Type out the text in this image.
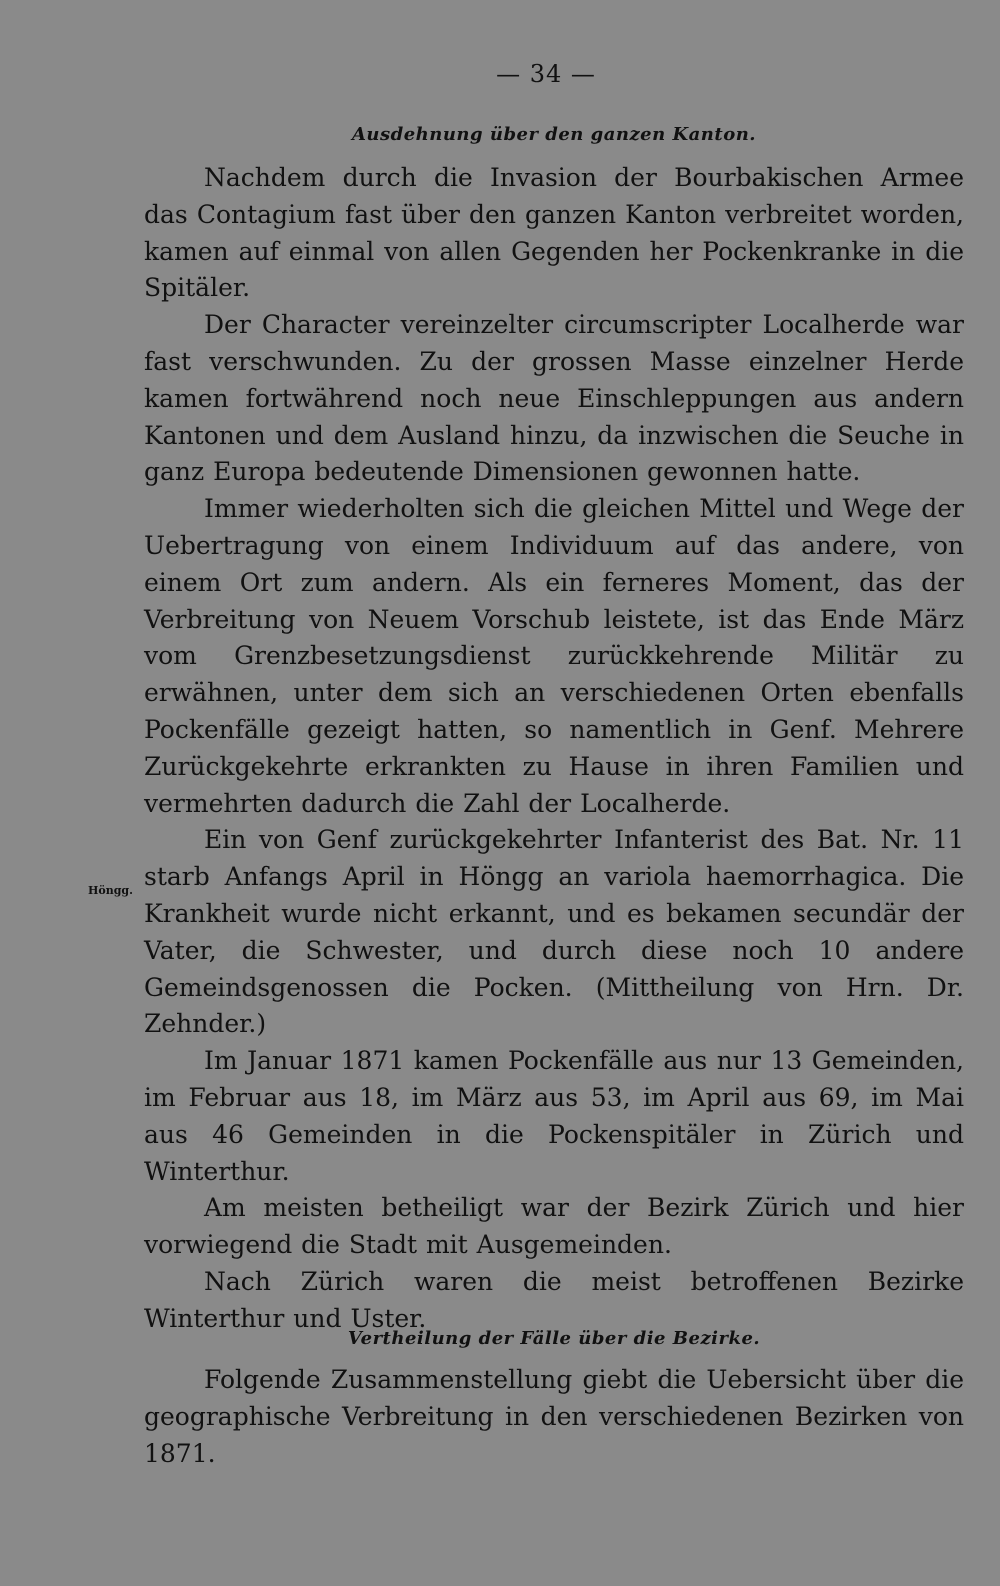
— 34 —

Ausdehnung über den ganzen Kanton.

Nachdem durch die Invasion der Bourbakischen Armee das Contagium fast über den ganzen Kanton verbreitet worden, kamen auf einmal von allen Gegenden her Pockenkranke in die Spitäler.

Der Character vereinzelter circumscripter Localherde war fast verschwunden. Zu der grossen Masse einzelner Herde kamen fortwährend noch neue Einschleppungen aus andern Kantonen und dem Ausland hinzu, da inzwischen die Seuche in ganz Europa bedeutende Dimensionen gewonnen hatte.

Immer wiederholten sich die gleichen Mittel und Wege der Uebertragung von einem Individuum auf das andere, von einem Ort zum andern. Als ein ferneres Moment, das der Verbreitung von Neuem Vorschub leistete, ist das Ende März vom Grenzbesetzungsdienst zurückkehrende Militär zu erwähnen, unter dem sich an verschiedenen Orten ebenfalls Pockenfälle gezeigt hatten, so namentlich in Genf. Mehrere Zurückgekehrte erkrankten zu Hause in ihren Familien und vermehrten dadurch die Zahl der Localherde.

Ein von Genf zurückgekehrter Infanterist des Bat. Nr. 11 starb Anfangs April in Höngg an variola haemorrhagica. Die Krankheit wurde nicht erkannt, und es bekamen secundär der Vater, die Schwester, und durch diese noch 10 andere Gemeindsgenossen die Pocken. (Mittheilung von Hrn. Dr. Zehnder.)

Im Januar 1871 kamen Pockenfälle aus nur 13 Gemeinden, im Februar aus 18, im März aus 53, im April aus 69, im Mai aus 46 Gemeinden in die Pockenspitäler in Zürich und Winterthur.

Am meisten betheiligt war der Bezirk Zürich und hier vorwiegend die Stadt mit Ausgemeinden.

Nach Zürich waren die meist betroffenen Bezirke Winterthur und Uster.

Höngg.

Vertheilung der Fälle über die Bezirke.

Folgende Zusammenstellung giebt die Uebersicht über die geographische Verbreitung in den verschiedenen Bezirken von 1871.
